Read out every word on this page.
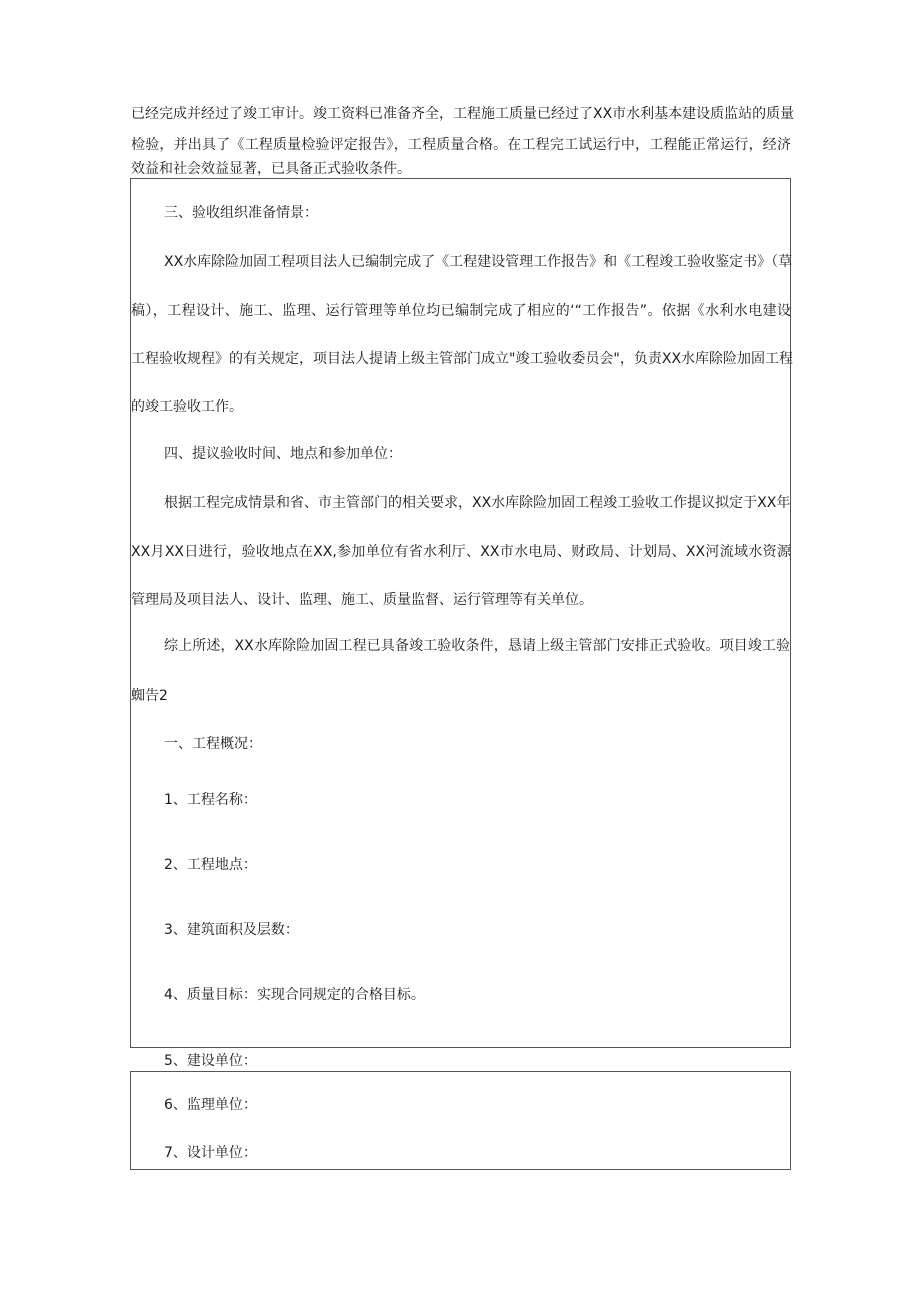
已经完成并经过了竣工审计。竣工资料已准备齐全，工程施工质量已经过了XX市水利基本建设质监站的质量
检验，并出具了《工程质量检验评定报告》，工程质量合格。在工程完工试运行中，工程能正常运行，经济
效益和社会效益显著，已具备正式验收条件。
三、验收组织准备情景：
XX水库除险加固工程项目法人已编制完成了《工程建设管理工作报告》和《工程竣工验收鉴定书》（草
稿），工程设计、施工、监理、运行管理等单位均已编制完成了相应的‘“工作报告”。依据《水利水电建设
工程验收规程》的有关规定，项目法人提请上级主管部门成立"竣工验收委员会"，负责XX水库除险加固工程
的竣工验收工作。
四、提议验收时间、地点和参加单位：
根据工程完成情景和省、市主管部门的相关要求，XX水库除险加固工程竣工验收工作提议拟定于XX年
XX月XX日进行，验收地点在XX,参加单位有省水利厅、XX市水电局、财政局、计划局、XX河流域水资源
管理局及项目法人、设计、监理、施工、质量监督、运行管理等有关单位。
综上所述，XX水库除险加固工程已具备竣工验收条件，恳请上级主管部门安排正式验收。项目竣工验
蜘告2
一、工程概况：
1、工程名称：
2、工程地点：
3、建筑面积及层数：
4、质量目标：实现合同规定的合格目标。
5、建设单位：
6、监理单位：
7、设计单位：
